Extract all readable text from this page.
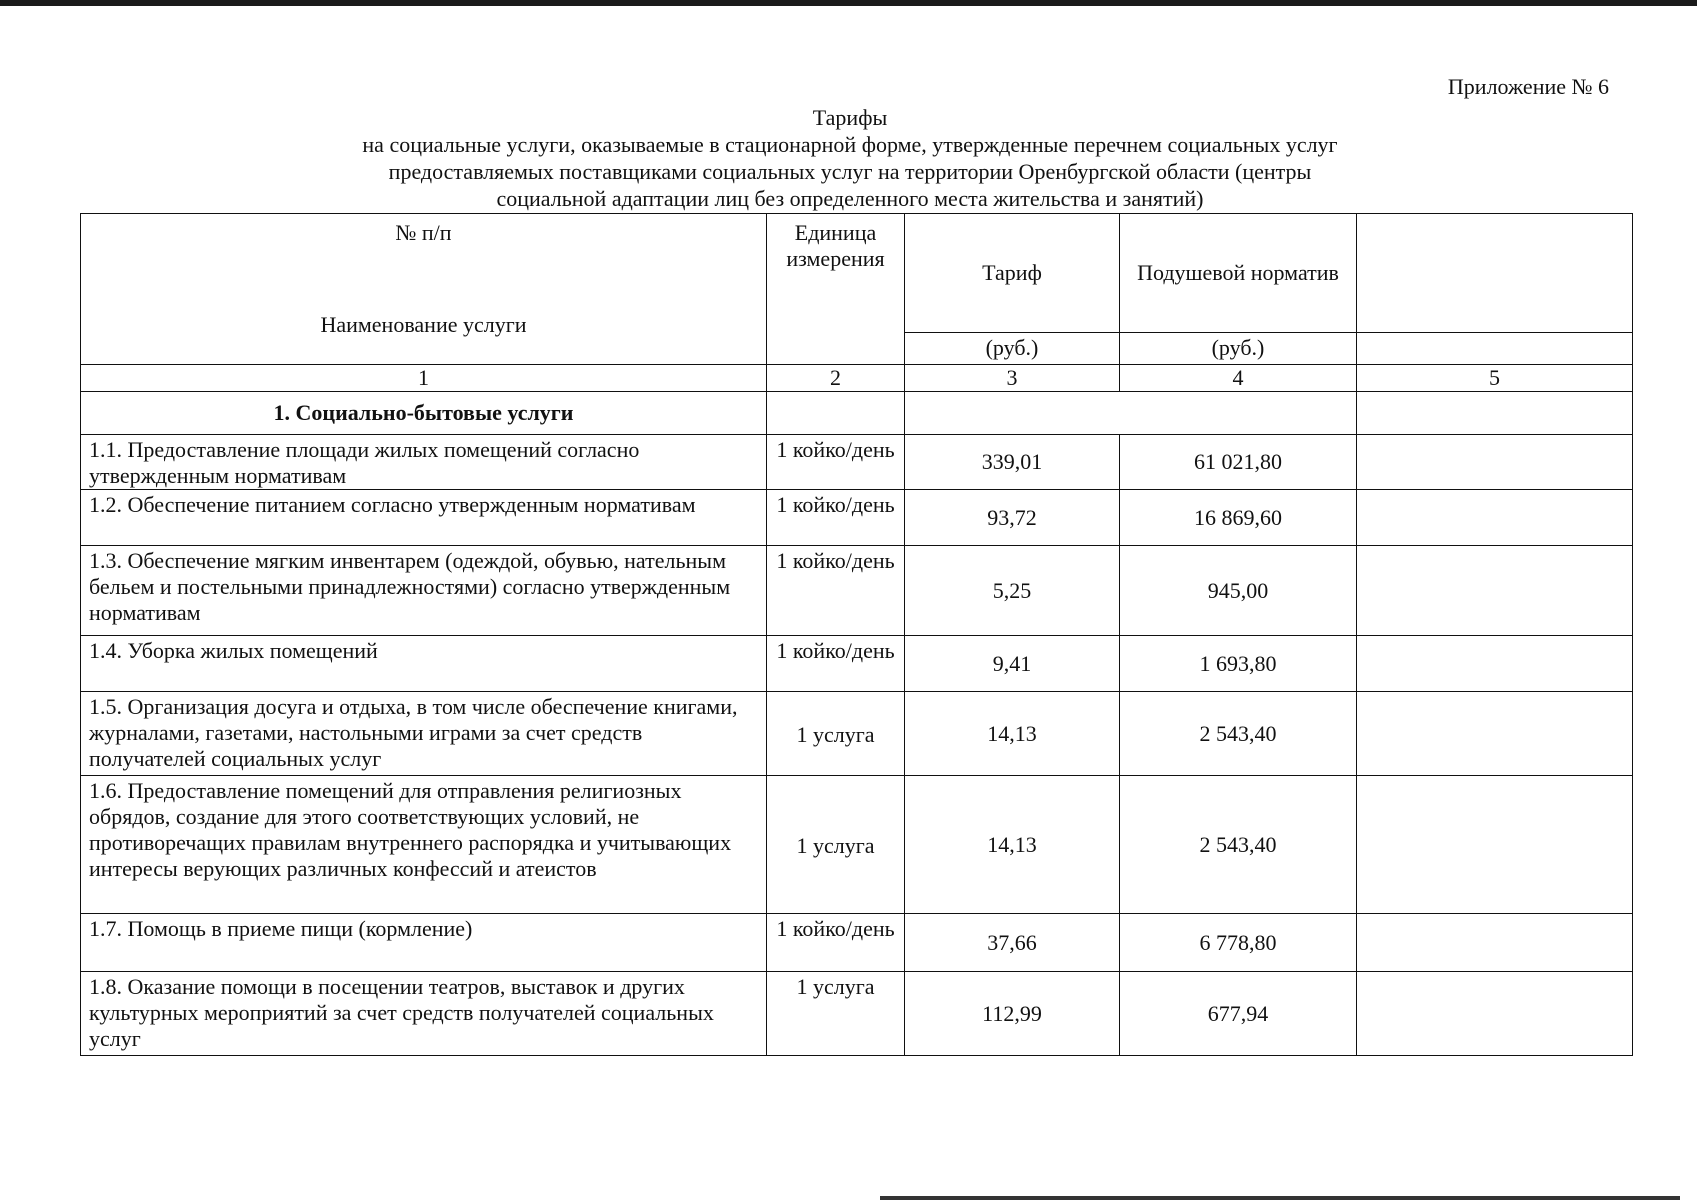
Приложение № 6
Тарифы
на социальные услуги, оказываемые в стационарной форме, утвержденные перечнем социальных услуг
предоставляемых поставщиками социальных услуг на территории Оренбургской области (центры
социальной адаптации лиц без определенного места жительства и занятий)
№ п/п
Наименование услуги	Единица измерения	Тариф	Подушевой норматив	
		(руб.)	(руб.)	
1	2	3	4	5
1. Социально-бытовые услуги				
1.1. Предоставление площади жилых помещений согласно утвержденным нормативам	1 койко/день	339,01	61 021,80	
1.2. Обеспечение питанием согласно утвержденным нормативам	1 койко/день	93,72	16 869,60	
1.3. Обеспечение мягким инвентарем (одеждой, обувью, нательным бельем и постельными принадлежностями) согласно утвержденным нормативам	1 койко/день	5,25	945,00	
1.4. Уборка жилых помещений	1 койко/день	9,41	1 693,80	
1.5. Организация досуга и отдыха, в том числе обеспечение книгами, журналами, газетами, настольными играми за счет средств получателей социальных услуг	1 услуга	14,13	2 543,40	
1.6. Предоставление помещений для отправления религиозных обрядов, создание для этого соответствующих условий, не противоречащих правилам внутреннего распорядка и учитывающих интересы верующих различных конфессий и атеистов	1 услуга	14,13	2 543,40	
1.7. Помощь в приеме пищи (кормление)	1 койко/день	37,66	6 778,80	
1.8. Оказание помощи в посещении театров, выставок и других культурных мероприятий за счет средств получателей социальных услуг	1 услуга	112,99	677,94	
